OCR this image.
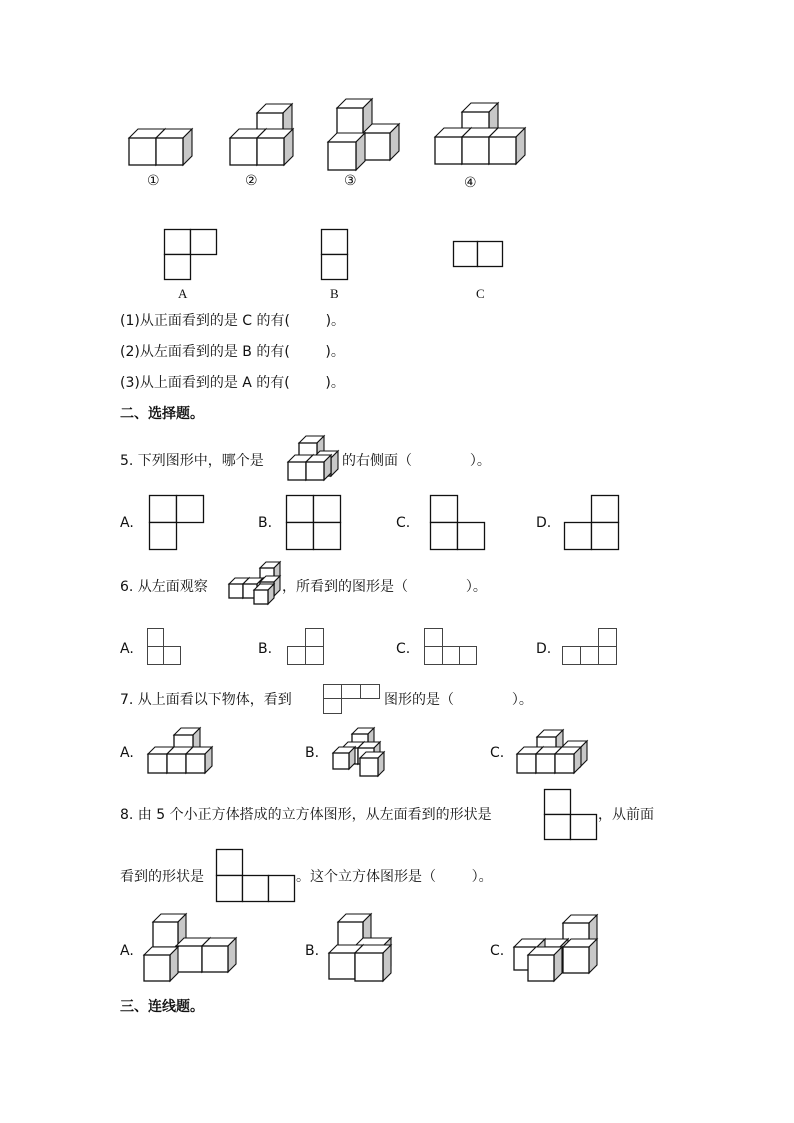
①	②	③	④
A	B	C
(1)从正面看到的是 C 的有(        )。
(2)从左面看到的是 B 的有(        )。
(3)从上面看到的是 A 的有(        )。
二、选择题。
5. 下列图形中，哪个是	的右侧面（             ）。
A.	B.	C.	D.
6. 从左面观察	，所看到的图形是（             ）。
A.	B.	C.	D.
7. 从上面看以下物体，看到	图形的是（             ）。
A.	B.	C.
8. 由 5 个小正方体搭成的立方体图形，从左面看到的形状是	，从前面
看到的形状是	。这个立方体图形是（        ）。
A.	B.	C.
三、连线题。
